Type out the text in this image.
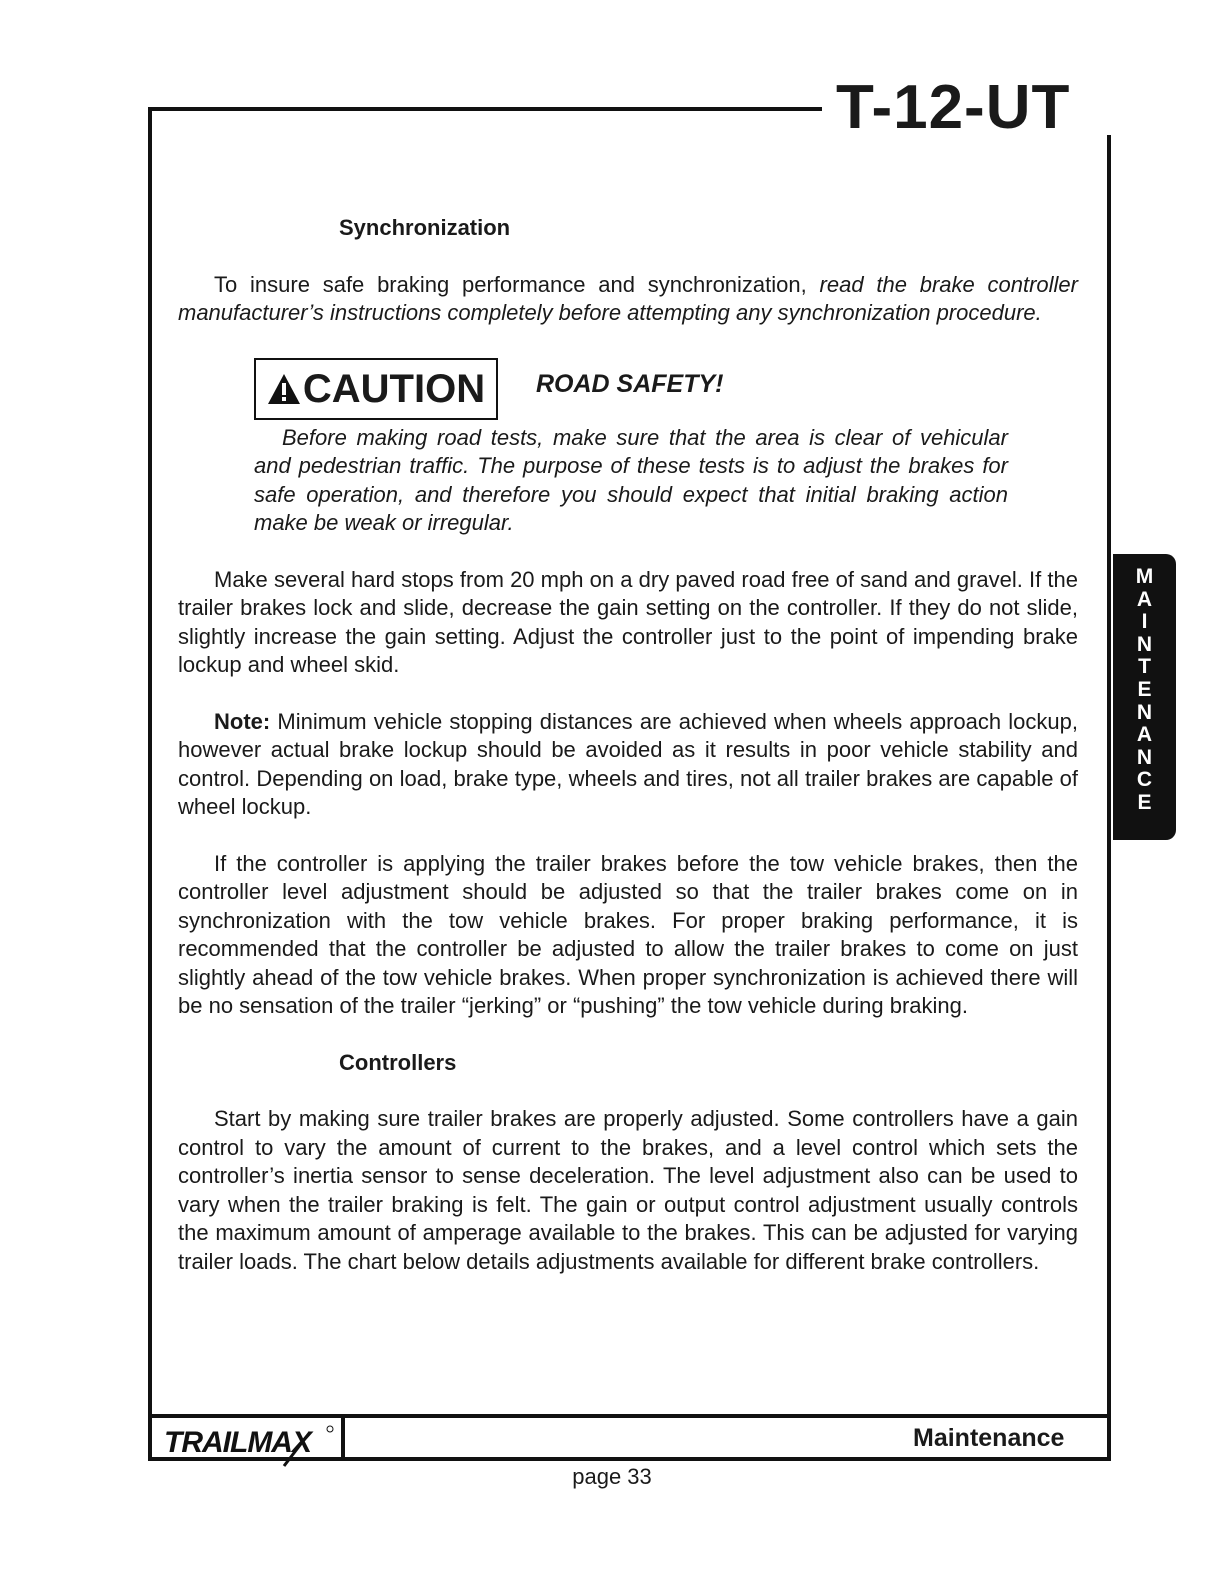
T-12-UT
Synchronization

To insure safe braking performance and synchronization, read the brake controller manufacturer’s instructions completely before attempting any synchronization procedure.

CAUTION ROAD SAFETY!

Before making road tests, make sure that the area is clear of vehicular and pedestrian traffic. The purpose of these tests is to adjust the brakes for safe operation, and therefore you should expect that initial braking action make be weak or irregular.

Make several hard stops from 20 mph on a dry paved road free of sand and gravel. If the trailer brakes lock and slide, decrease the gain setting on the controller. If they do not slide, slightly increase the gain setting. Adjust the controller just to the point of impending brake lockup and wheel skid.

Note: Minimum vehicle stopping distances are achieved when wheels approach lockup, however actual brake lockup should be avoided as it results in poor vehicle stability and control. Depending on load, brake type, wheels and tires, not all trailer brakes are capable of wheel lockup.

If the controller is applying the trailer brakes before the tow vehicle brakes, then the controller level adjustment should be adjusted so that the trailer brakes come on in synchronization with the tow vehicle brakes. For proper braking performance, it is recommended that the controller be adjusted to allow the trailer brakes to come on just slightly ahead of the tow vehicle brakes. When proper synchronization is achieved there will be no sensation of the trailer “jerking” or “pushing” the tow vehicle during braking.

Controllers

Start by making sure trailer brakes are properly adjusted. Some controllers have a gain control to vary the amount of current to the brakes, and a level control which sets the controller’s inertia sensor to sense deceleration. The level adjustment also can be used to vary when the trailer braking is felt. The gain or output control adjustment usually controls the maximum amount of amperage available to the brakes. This can be adjusted for varying trailer loads. The chart below details adjustments available for different brake controllers.

M
A
I
N
T
E
N
A
N
C
E
TRAILMAX	Maintenance
page 33
